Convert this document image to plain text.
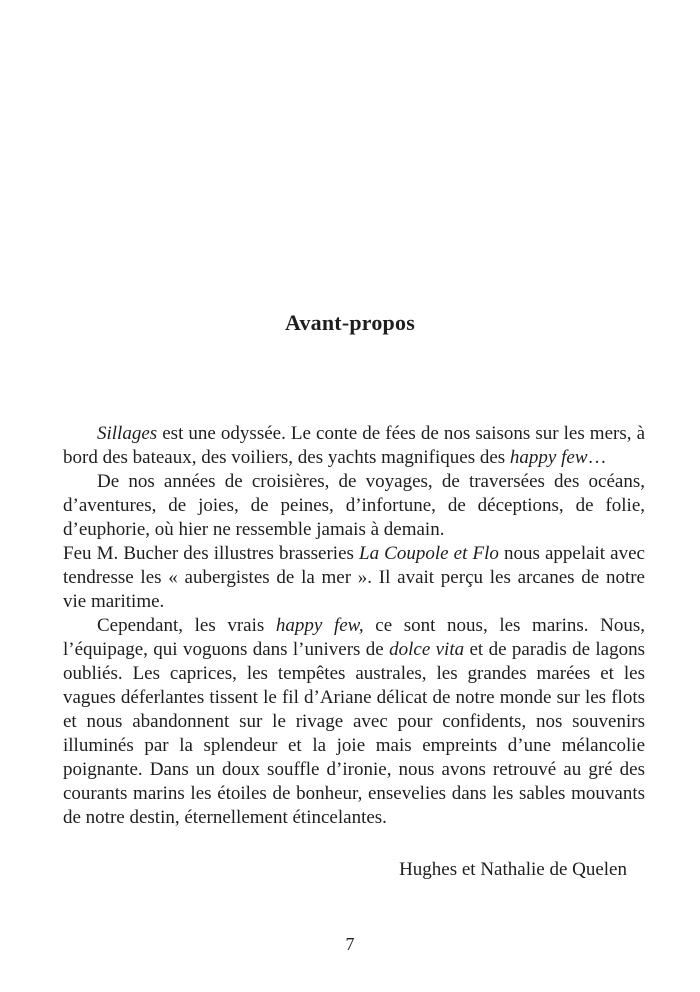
Avant-propos

Sillages est une odyssée. Le conte de fées de nos saisons sur les mers, à bord des bateaux, des voiliers, des yachts magnifiques des happy few…

De nos années de croisières, de voyages, de traversées des océans, d’aventures, de joies, de peines, d’infortune, de déceptions, de folie, d’euphorie, où hier ne ressemble jamais à demain.

Feu M. Bucher des illustres brasseries La Coupole et Flo nous appelait avec tendresse les « aubergistes de la mer ». Il avait perçu les arcanes de notre vie maritime.

Cependant, les vrais happy few, ce sont nous, les marins. Nous, l’équipage, qui voguons dans l’univers de dolce vita et de paradis de lagons oubliés. Les caprices, les tempêtes australes, les grandes marées et les vagues déferlantes tissent le fil d’Ariane délicat de notre monde sur les flots et nous abandonnent sur le rivage avec pour confidents, nos souvenirs illuminés par la splendeur et la joie mais empreints d’une mélancolie poignante. Dans un doux souffle d’ironie, nous avons retrouvé au gré des courants marins les étoiles de bonheur, ensevelies dans les sables mouvants de notre destin, éternellement étincelantes.

Hughes et Nathalie de Quelen
7
